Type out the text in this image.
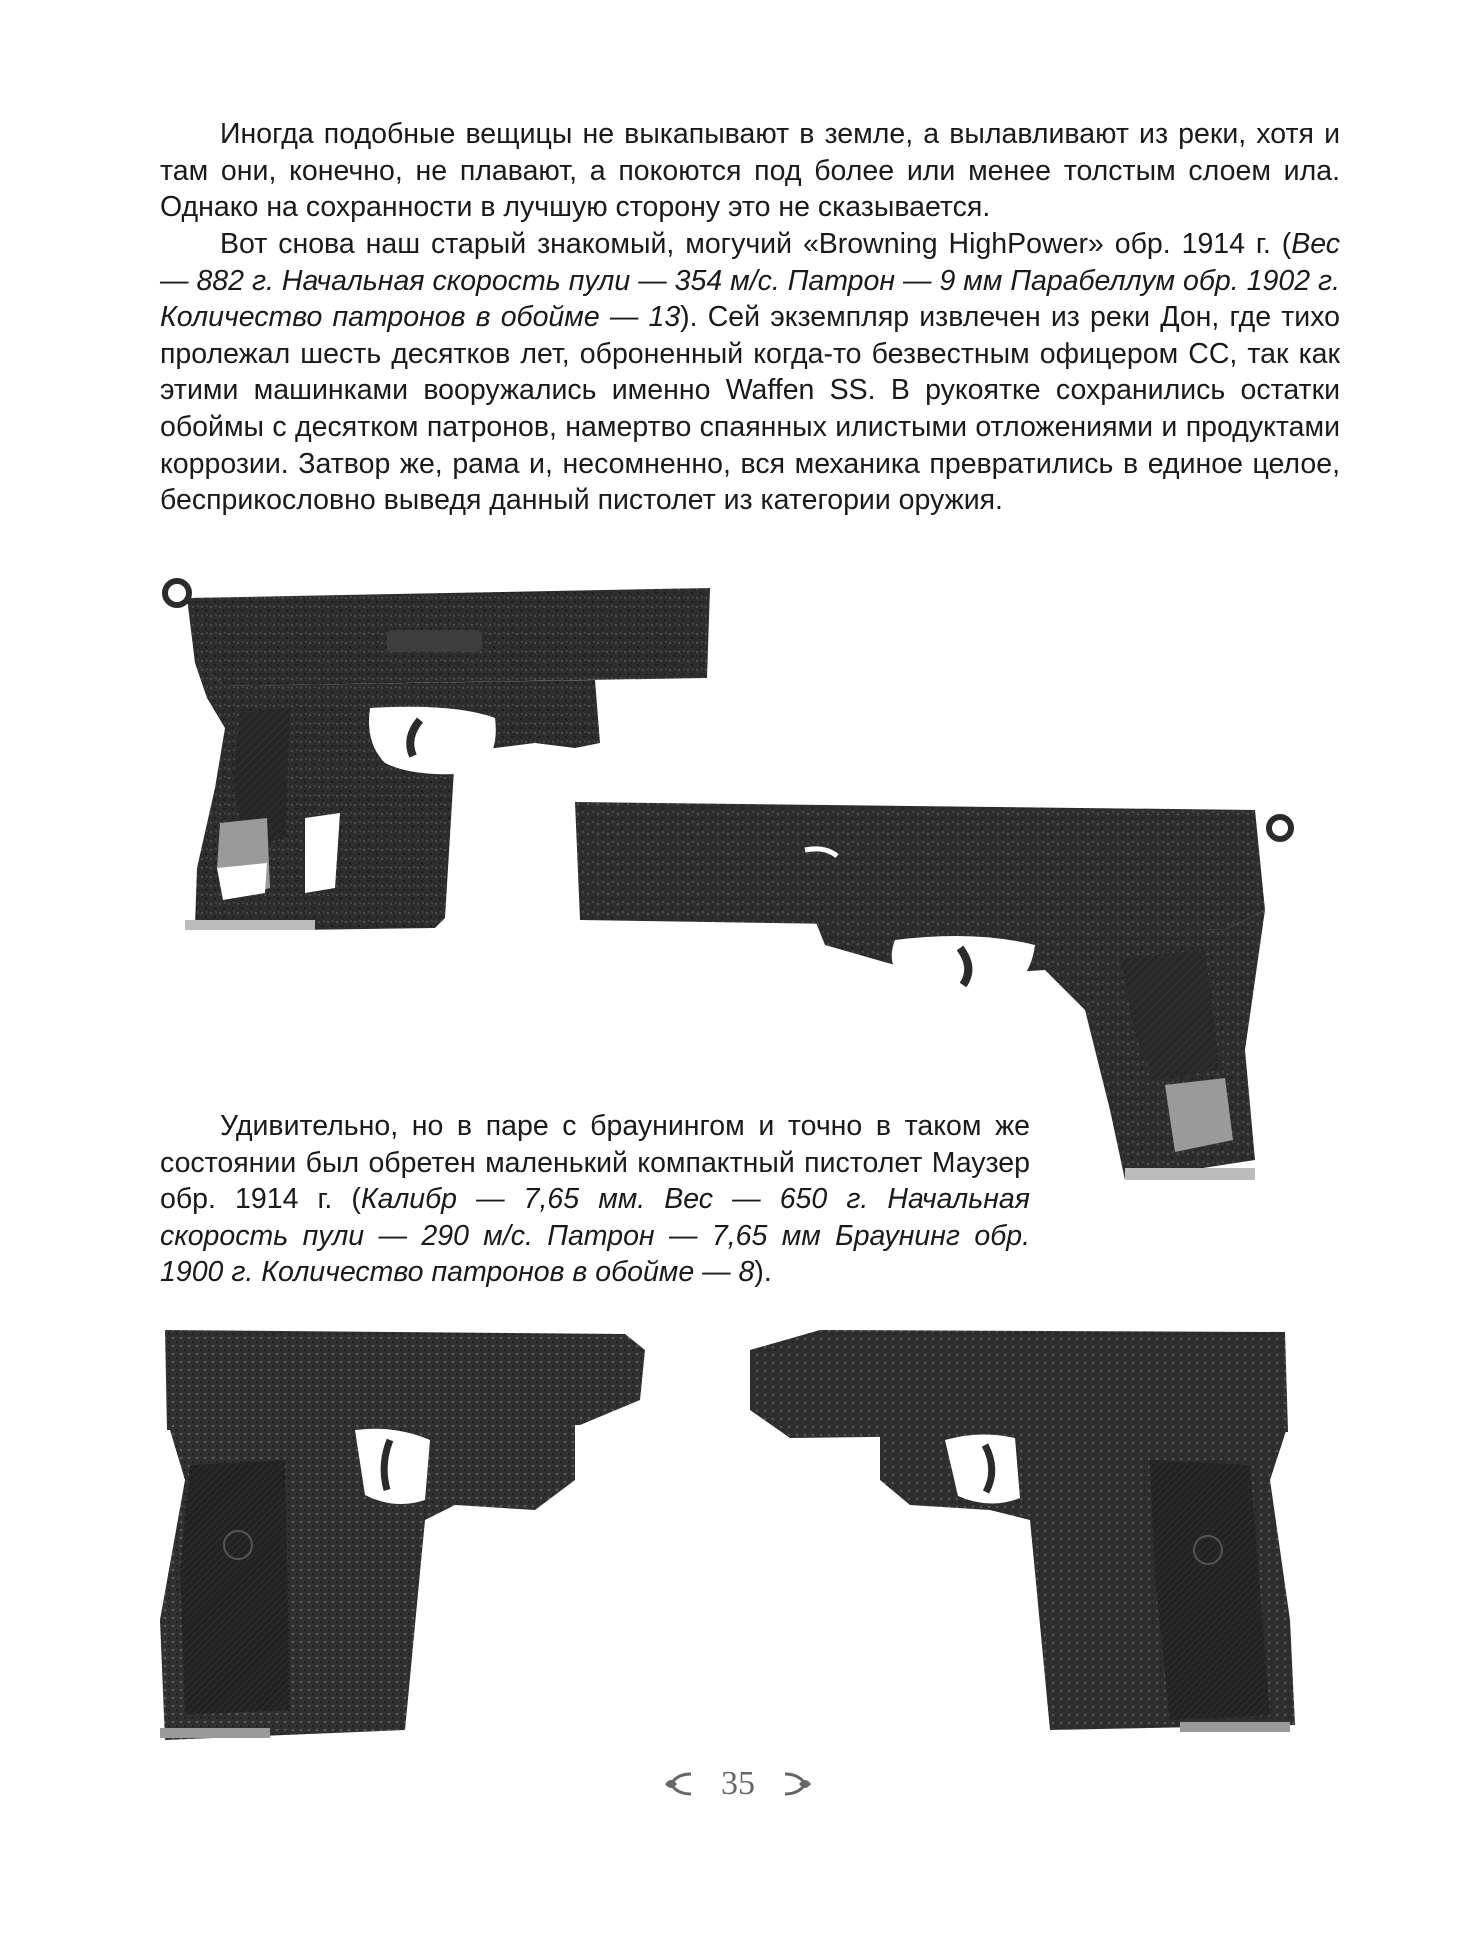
Иногда подобные вещицы не выкапывают в земле, а вылавливают из реки, хотя и там они, конечно, не плавают, а покоются под более или менее толстым слоем ила. Однако на сохранности в лучшую сторону это не сказывается.

Вот снова наш старый знакомый, могучий «Browning HighPower» обр. 1914 г. (Вес — 882 г. Начальная скорость пули — 354 м/с. Патрон — 9 мм Парабеллум обр. 1902 г. Количество патронов в обойме — 13). Сей экземпляр извлечен из реки Дон, где тихо пролежал шесть десятков лет, оброненный когда-то безвестным офицером СС, так как этими машинками вооружались именно Waffen SS. В рукоятке сохранились остатки обоймы с десятком патронов, намертво спаянных илистыми отложениями и продуктами коррозии. Затвор же, рама и, несомненно, вся механика превратились в единое целое, бесприкословно выведя данный пистолет из категории оружия.

Удивительно, но в паре с браунингом и точно в таком же состоянии был обретен маленький компактный пистолет Маузер обр. 1914 г. (Калибр — 7,65 мм. Вес — 650 г. Начальная скорость пули — 290 м/с. Патрон — 7,65 мм Браунинг обр. 1900 г. Количество патронов в обойме — 8).

35
